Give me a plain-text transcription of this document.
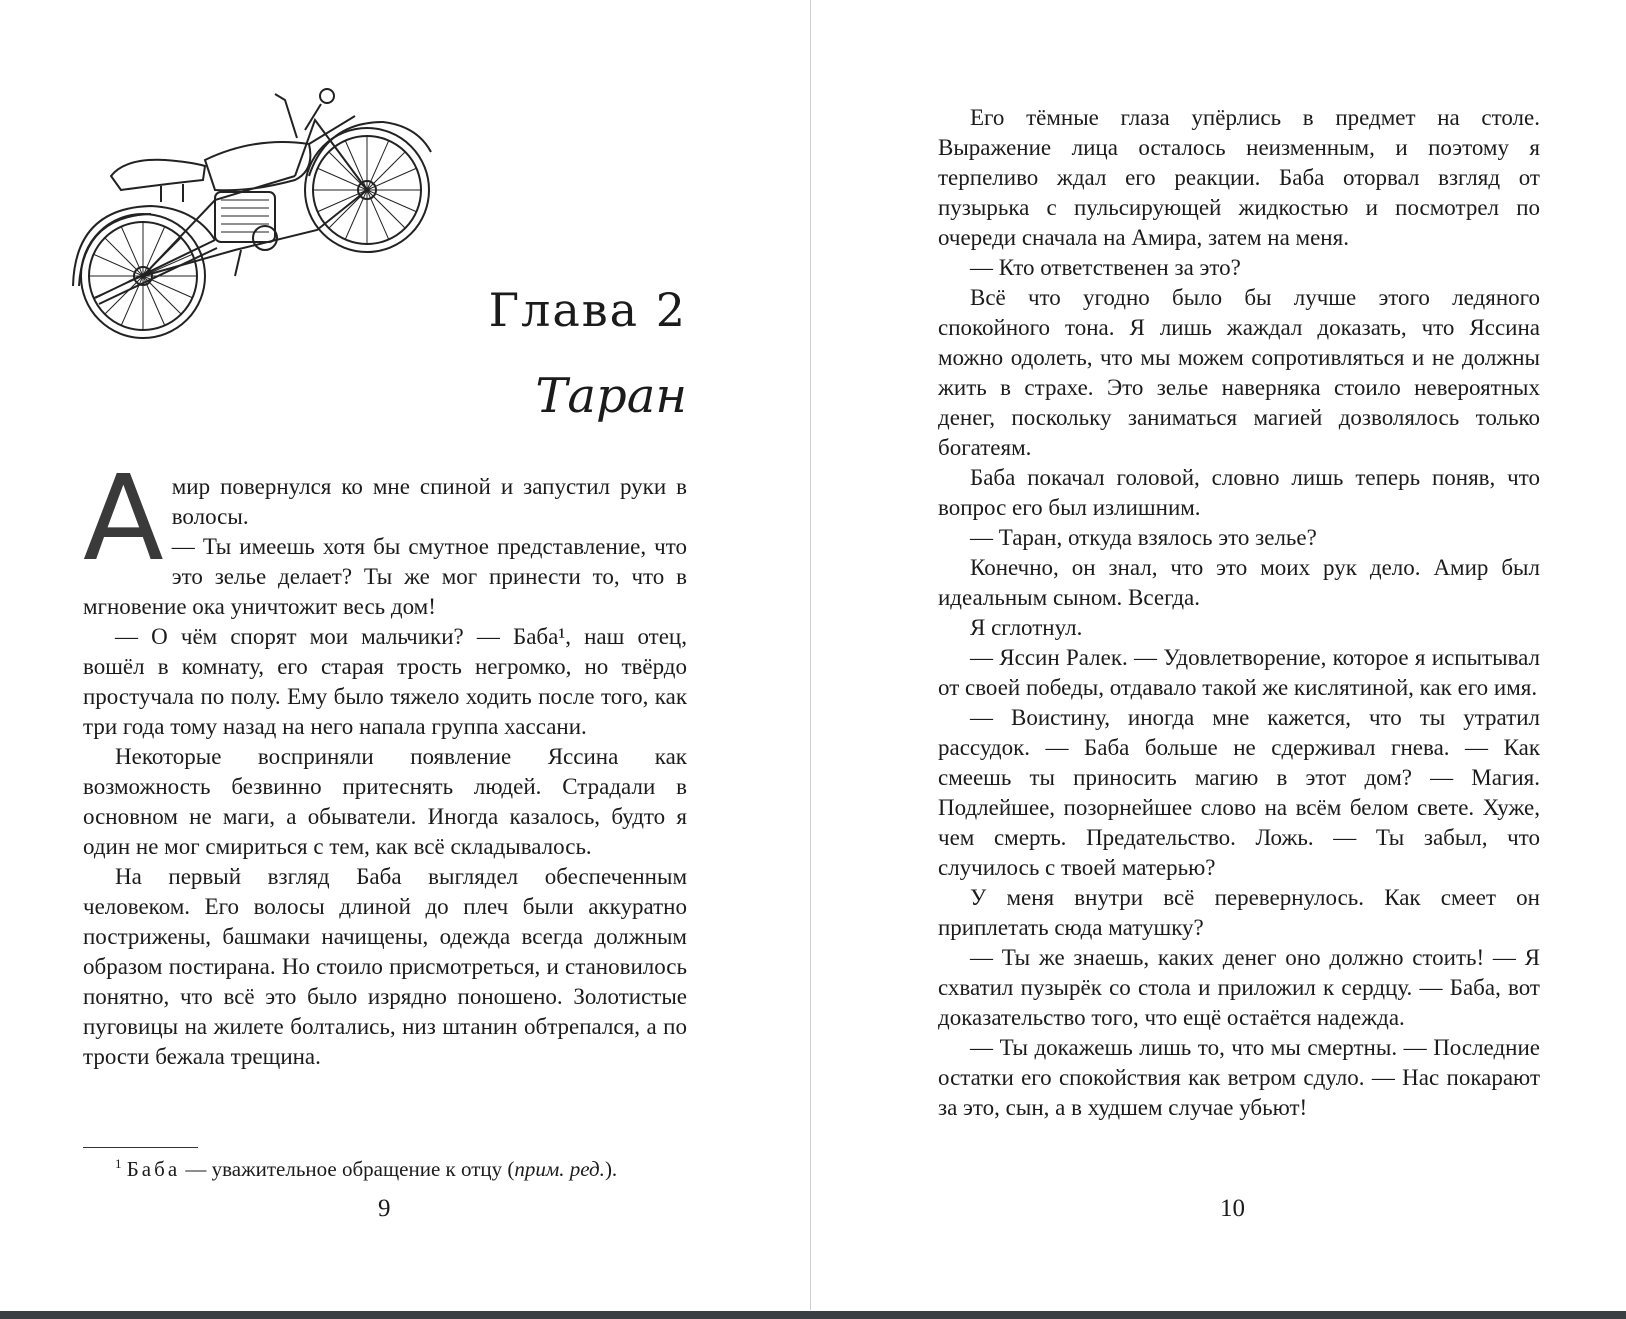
Глава 2
Таран

Амир повернулся ко мне спиной и запустил руки в волосы.

— Ты имеешь хотя бы смутное представление, что это зелье делает? Ты же мог принести то, что в мгновение ока уничтожит весь дом!

— О чём спорят мои мальчики? — Баба¹, наш отец, вошёл в комнату, его старая трость негромко, но твёрдо простучала по полу. Ему было тяжело ходить после того, как три года тому назад на него напала группа хассани.

Некоторые восприняли появление Яссина как возможность безвинно притеснять людей. Страдали в основном не маги, а обыватели. Иногда казалось, будто я один не мог смириться с тем, как всё складывалось.

На первый взгляд Баба выглядел обеспеченным человеком. Его волосы длиной до плеч были аккуратно пострижены, башмаки начищены, одежда всегда должным образом постирана. Но стоило присмотреться, и становилось понятно, что всё это было изрядно поношено. Золотистые пуговицы на жилете болтались, низ штанин обтрепался, а по трости бежала трещина.

$^1$ Баба — уважительное обращение к отцу (прим. ред.).
9

Его тёмные глаза упёрлись в предмет на столе. Выражение лица осталось неизменным, и поэтому я терпеливо ждал его реакции. Баба оторвал взгляд от пузырька с пульсирующей жидкостью и посмотрел по очереди сначала на Амира, затем на меня.

— Кто ответственен за это?

Всё что угодно было бы лучше этого ледяного спокойного тона. Я лишь жаждал доказать, что Яссина можно одолеть, что мы можем сопротивляться и не должны жить в страхе. Это зелье наверняка стоило невероятных денег, поскольку заниматься магией дозволялось только богатеям.

Баба покачал головой, словно лишь теперь поняв, что вопрос его был излишним.

— Таран, откуда взялось это зелье?

Конечно, он знал, что это моих рук дело. Амир был идеальным сыном. Всегда.

Я сглотнул.

— Яссин Ралек. — Удовлетворение, которое я испытывал от своей победы, отдавало такой же кислятиной, как его имя.

— Воистину, иногда мне кажется, что ты утратил рассудок. — Баба больше не сдерживал гнева. — Как смеешь ты приносить магию в этот дом? — Магия. Подлейшее, позорнейшее слово на всём белом свете. Хуже, чем смерть. Предательство. Ложь. — Ты забыл, что случилось с твоей матерью?

У меня внутри всё перевернулось. Как смеет он приплетать сюда матушку?

— Ты же знаешь, каких денег оно должно стоить! — Я схватил пузырёк со стола и приложил к сердцу. — Баба, вот доказательство того, что ещё остаётся надежда.

— Ты докажешь лишь то, что мы смертны. — Последние остатки его спокойствия как ветром сдуло. — Нас покарают за это, сын, а в худшем случае убьют!

10
